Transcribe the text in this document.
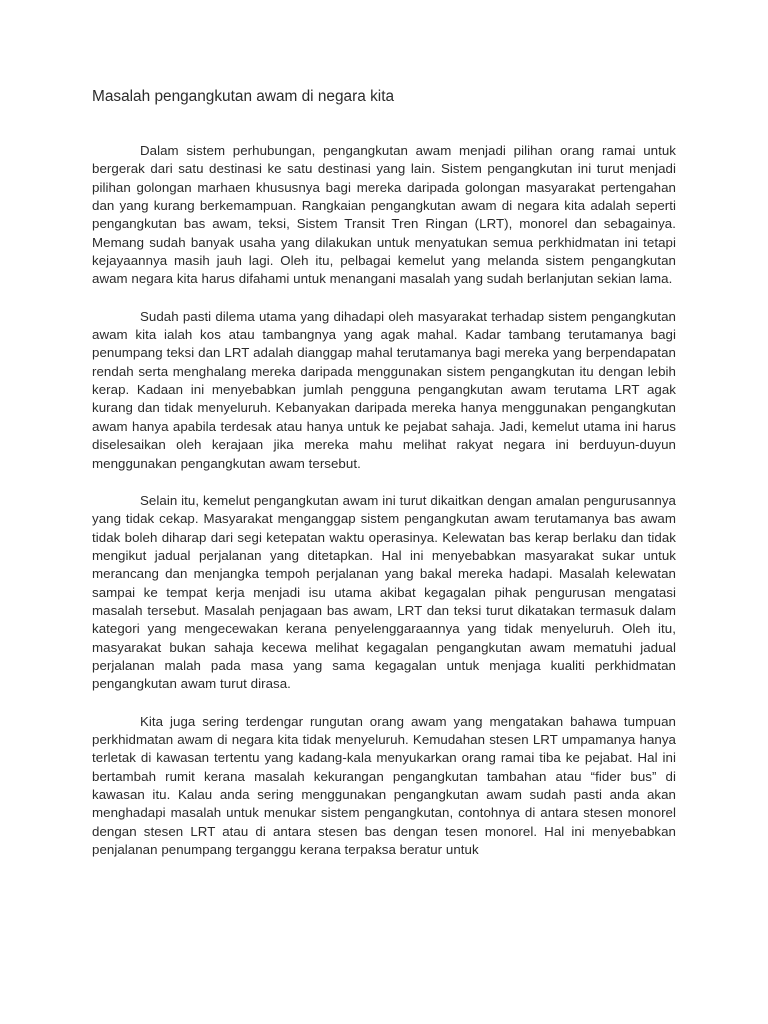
Masalah pengangkutan awam di negara kita

Dalam sistem perhubungan, pengangkutan awam menjadi pilihan orang ramai untuk bergerak dari satu destinasi ke satu destinasi yang lain. Sistem pengangkutan ini turut menjadi pilihan golongan marhaen khususnya bagi mereka daripada golongan masyarakat pertengahan dan yang kurang berkemampuan. Rangkaian pengangkutan awam di negara kita adalah seperti pengangkutan bas awam, teksi, Sistem Transit Tren Ringan (LRT), monorel dan sebagainya. Memang sudah banyak usaha yang dilakukan untuk menyatukan semua perkhidmatan ini tetapi kejayaannya masih jauh lagi. Oleh itu, pelbagai kemelut yang melanda sistem pengangkutan awam negara kita harus difahami untuk menangani masalah yang sudah berlanjutan sekian lama.

Sudah pasti dilema utama yang dihadapi oleh masyarakat terhadap sistem pengangkutan awam kita ialah kos atau tambangnya yang agak mahal. Kadar tambang terutamanya bagi penumpang teksi dan LRT adalah dianggap mahal terutamanya bagi mereka yang berpendapatan rendah serta menghalang mereka daripada menggunakan sistem pengangkutan itu dengan lebih kerap. Kadaan ini menyebabkan jumlah pengguna pengangkutan awam terutama LRT agak kurang dan tidak menyeluruh. Kebanyakan daripada mereka hanya menggunakan pengangkutan awam hanya apabila terdesak atau hanya untuk ke pejabat sahaja. Jadi, kemelut utama ini harus diselesaikan oleh kerajaan jika mereka mahu melihat rakyat negara ini berduyun-duyun menggunakan pengangkutan awam tersebut.

Selain itu, kemelut pengangkutan awam ini turut dikaitkan dengan amalan pengurusannya yang tidak cekap. Masyarakat menganggap sistem pengangkutan awam terutamanya bas awam tidak boleh diharap dari segi ketepatan waktu operasinya. Kelewatan bas kerap berlaku dan tidak mengikut jadual perjalanan yang ditetapkan. Hal ini menyebabkan masyarakat sukar untuk merancang dan menjangka tempoh perjalanan yang bakal mereka hadapi. Masalah kelewatan sampai ke tempat kerja menjadi isu utama akibat kegagalan pihak pengurusan mengatasi masalah tersebut. Masalah penjagaan bas awam, LRT dan teksi turut dikatakan termasuk dalam kategori yang mengecewakan kerana penyelenggaraannya yang tidak menyeluruh. Oleh itu, masyarakat bukan sahaja kecewa melihat kegagalan pengangkutan awam mematuhi jadual perjalanan malah pada masa yang sama kegagalan untuk menjaga kualiti perkhidmatan pengangkutan awam turut dirasa.

Kita juga sering terdengar rungutan orang awam yang mengatakan bahawa tumpuan perkhidmatan awam di negara kita tidak menyeluruh. Kemudahan stesen LRT umpamanya hanya terletak di kawasan tertentu yang kadang-kala menyukarkan orang ramai tiba ke pejabat. Hal ini bertambah rumit kerana masalah kekurangan pengangkutan tambahan atau “fider bus” di kawasan itu. Kalau anda sering menggunakan pengangkutan awam sudah pasti anda akan menghadapi masalah untuk menukar sistem pengangkutan, contohnya di antara stesen monorel dengan stesen LRT atau di antara stesen bas dengan tesen monorel. Hal ini menyebabkan penjalanan penumpang terganggu kerana terpaksa beratur untuk
